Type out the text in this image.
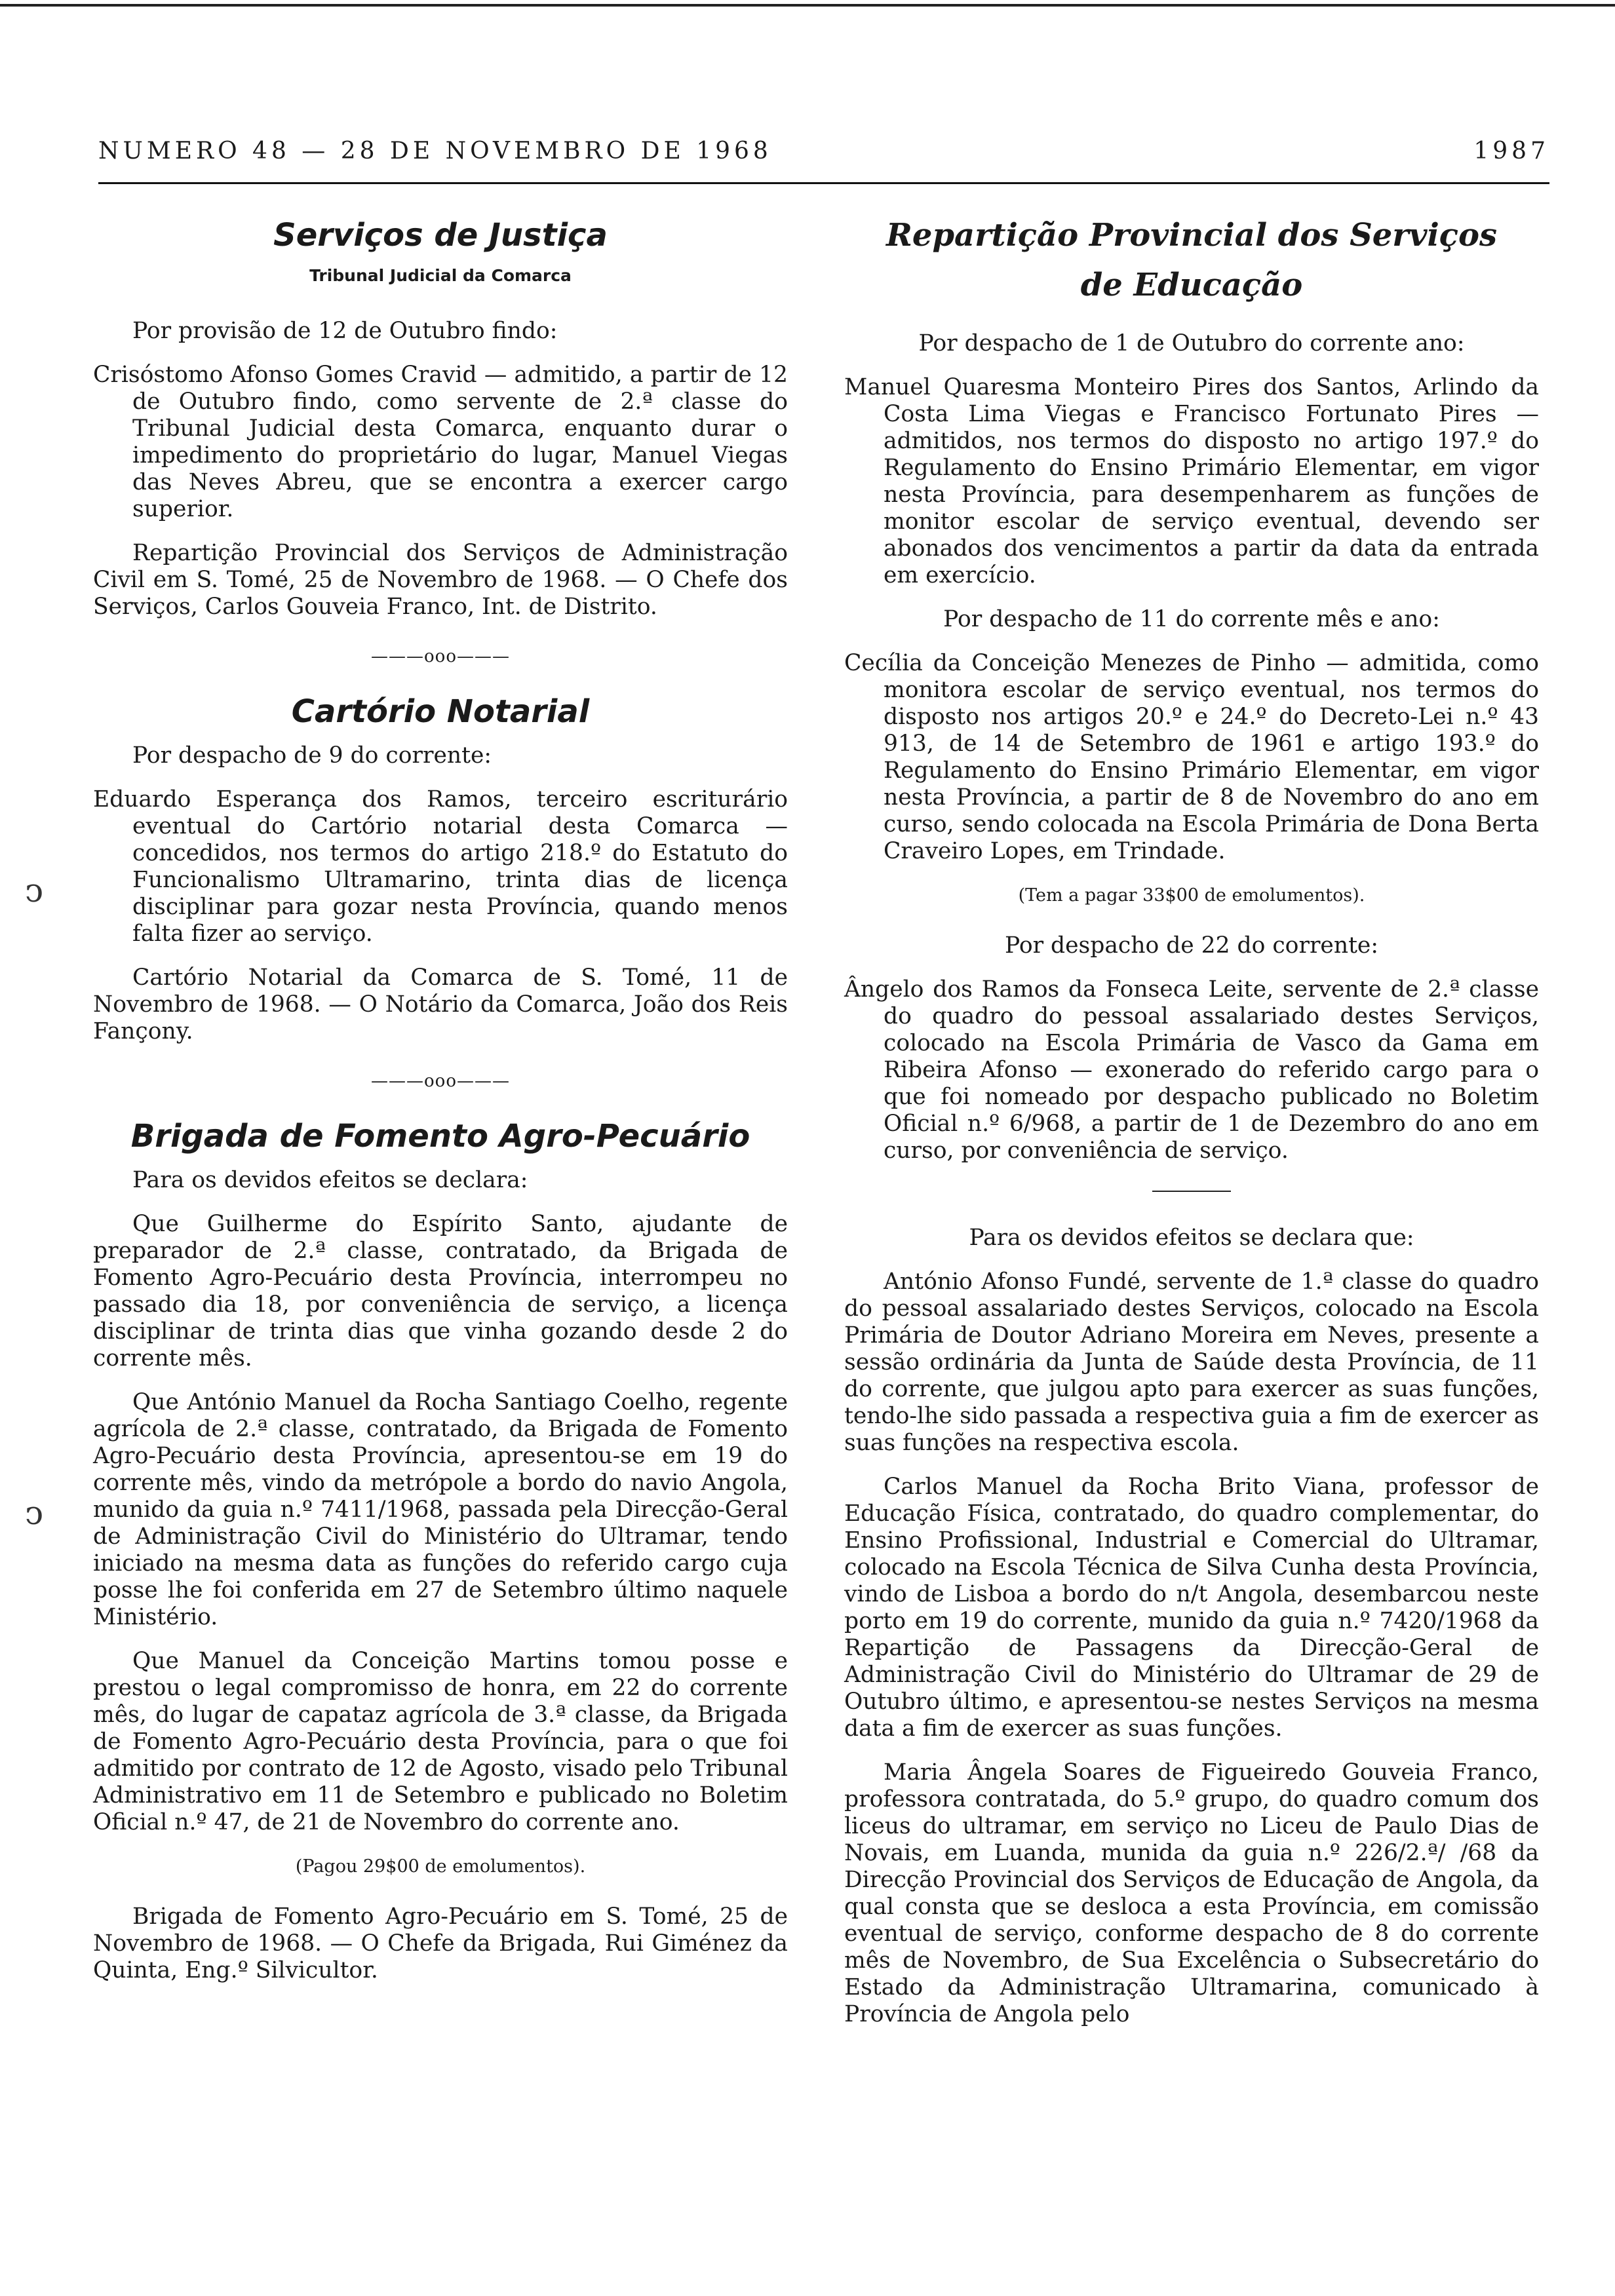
NUMERO 48 — 28 DE NOVEMBRO DE 1968	1987
Serviços de Justiça
Tribunal Judicial da Comarca

Por provisão de 12 de Outubro findo:

Crisóstomo Afonso Gomes Cravid — admitido, a partir de 12 de Outubro findo, como servente de 2.ª classe do Tribunal Judicial desta Comarca, enquanto durar o impedimento do proprietário do lugar, Manuel Viegas das Neves Abreu, que se encontra a exercer cargo superior.

Repartição Provincial dos Serviços de Administração Civil em S. Tomé, 25 de Novembro de 1968. — O Chefe dos Serviços, Carlos Gouveia Franco, Int. de Distrito.

———ooo———
Cartório Notarial

Por despacho de 9 do corrente:

Eduardo Esperança dos Ramos, terceiro escriturário eventual do Cartório notarial desta Comarca — concedidos, nos termos do artigo 218.º do Estatuto do Funcionalismo Ultramarino, trinta dias de licença disciplinar para gozar nesta Província, quando menos falta fizer ao serviço.

Cartório Notarial da Comarca de S. Tomé, 11 de Novembro de 1968. — O Notário da Comarca, João dos Reis Fançony.

———ooo———
Brigada de Fomento Agro-Pecuário

Para os devidos efeitos se declara:

Que Guilherme do Espírito Santo, ajudante de preparador de 2.ª classe, contratado, da Brigada de Fomento Agro-Pecuário desta Província, interrompeu no passado dia 18, por conveniência de serviço, a licença disciplinar de trinta dias que vinha gozando desde 2 do corrente mês.

Que António Manuel da Rocha Santiago Coelho, regente agrícola de 2.ª classe, contratado, da Brigada de Fomento Agro-Pecuário desta Província, apresentou-se em 19 do corrente mês, vindo da metrópole a bordo do navio Angola, munido da guia n.º 7411/1968, passada pela Direcção-Geral de Administração Civil do Ministério do Ultramar, tendo iniciado na mesma data as funções do referido cargo cuja posse lhe foi conferida em 27 de Setembro último naquele Ministério.

Que Manuel da Conceição Martins tomou posse e prestou o legal compromisso de honra, em 22 do corrente mês, do lugar de capataz agrícola de 3.ª classe, da Brigada de Fomento Agro-Pecuário desta Província, para o que foi admitido por contrato de 12 de Agosto, visado pelo Tribunal Administrativo em 11 de Setembro e publicado no Boletim Oficial n.º 47, de 21 de Novembro do corrente ano.

(Pagou 29$00 de emolumentos).

Brigada de Fomento Agro-Pecuário em S. Tomé, 25 de Novembro de 1968. — O Chefe da Brigada, Rui Giménez da Quinta, Eng.º Silvicultor.

Repartição Provincial dos Serviços
de Educação

Por despacho de 1 de Outubro do corrente ano:

Manuel Quaresma Monteiro Pires dos Santos, Arlindo da Costa Lima Viegas e Francisco Fortunato Pires — admitidos, nos termos do disposto no artigo 197.º do Regulamento do Ensino Primário Elementar, em vigor nesta Província, para desempenharem as funções de monitor escolar de serviço eventual, devendo ser abonados dos vencimentos a partir da data da entrada em exercício.

Por despacho de 11 do corrente mês e ano:

Cecília da Conceição Menezes de Pinho — admitida, como monitora escolar de serviço eventual, nos termos do disposto nos artigos 20.º e 24.º do Decreto-Lei n.º 43 913, de 14 de Setembro de 1961 e artigo 193.º do Regulamento do Ensino Primário Elementar, em vigor nesta Província, a partir de 8 de Novembro do ano em curso, sendo colocada na Escola Primária de Dona Berta Craveiro Lopes, em Trindade.

(Tem a pagar 33$00 de emolumentos).

Por despacho de 22 do corrente:

Ângelo dos Ramos da Fonseca Leite, servente de 2.ª classe do quadro do pessoal assalariado destes Serviços, colocado na Escola Primária de Vasco da Gama em Ribeira Afonso — exonerado do referido cargo para o que foi nomeado por despacho publicado no Boletim Oficial n.º 6/968, a partir de 1 de Dezembro do ano em curso, por conveniência de serviço.

Para os devidos efeitos se declara que:

António Afonso Fundé, servente de 1.ª classe do quadro do pessoal assalariado destes Serviços, colocado na Escola Primária de Doutor Adriano Moreira em Neves, presente a sessão ordinária da Junta de Saúde desta Província, de 11 do corrente, que julgou apto para exercer as suas funções, tendo-lhe sido passada a respectiva guia a fim de exercer as suas funções na respectiva escola.

Carlos Manuel da Rocha Brito Viana, professor de Educação Física, contratado, do quadro complementar, do Ensino Profissional, Industrial e Comercial do Ultramar, colocado na Escola Técnica de Silva Cunha desta Província, vindo de Lisboa a bordo do n/t Angola, desembarcou neste porto em 19 do corrente, munido da guia n.º 7420/1968 da Repartição de Passagens da Direcção-Geral de Administração Civil do Ministério do Ultramar de 29 de Outubro último, e apresentou-se nestes Serviços na mesma data a fim de exercer as suas funções.

Maria Ângela Soares de Figueiredo Gouveia Franco, professora contratada, do 5.º grupo, do quadro comum dos liceus do ultramar, em serviço no Liceu de Paulo Dias de Novais, em Luanda, munida da guia n.º 226/2.ª/ /68 da Direcção Provincial dos Serviços de Educação de Angola, da qual consta que se desloca a esta Província, em comissão eventual de serviço, conforme despacho de 8 do corrente mês de Novembro, de Sua Excelência o Subsecretário do Estado da Administração Ultramarina, comunicado à Província de Angola pelo

ↄ
ↄ
